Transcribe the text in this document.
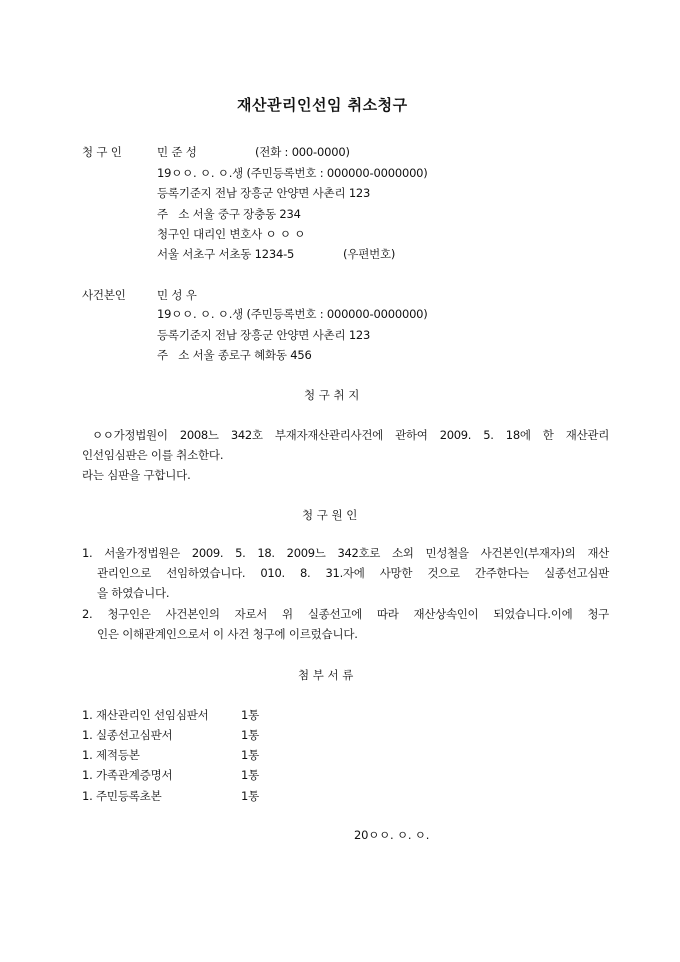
재산관리인선임 취소청구
청 구 인	민 준 성	(전화 : 000-0000)
19ㅇㅇ. ㅇ. ㅇ.생 (주민등록번호 : 000000-0000000)
등록기준지 전남 장흥군 안양면 사촌리 123
주   소 서울 중구 장충동 234
청구인 대리인 변호사 ㅇ ㅇ ㅇ
서울 서초구 서초동 1234-5	(우편번호)
사건본인	민 성 우
19ㅇㅇ. ㅇ. ㅇ.생 (주민등록번호 : 000000-0000000)
등록기준지 전남 장흥군 안양면 사촌리 123
주   소 서울 종로구 혜화동 456
청 구 취 지
ㅇㅇ가정법원이 2008느 342호 부재자재산관리사건에 관하여 2009. 5. 18에 한 재산관리
인선임심판은 이를 취소한다.
라는 심판을 구합니다.
청 구 원 인
1. 서울가정법원은 2009. 5. 18. 2009느 342호로 소외 민성철을 사건본인(부재자)의 재산
관리인으로 선임하였습니다. 010. 8. 31.자에 사망한 것으로 간주한다는 실종선고심판
을 하였습니다.
2. 청구인은 사건본인의 자로서 위 실종선고에 따라 재산상속인이 되었습니다.이에 청구
인은 이해관계인으로서 이 사건 청구에 이르렀습니다.
첨 부 서 류
1. 재산관리인 선임심판서	1통
1. 실종선고심판서	1통
1. 제적등본	1통
1. 가족관계증명서	1통
1. 주민등록초본	1통
20ㅇㅇ. ㅇ. ㅇ.
